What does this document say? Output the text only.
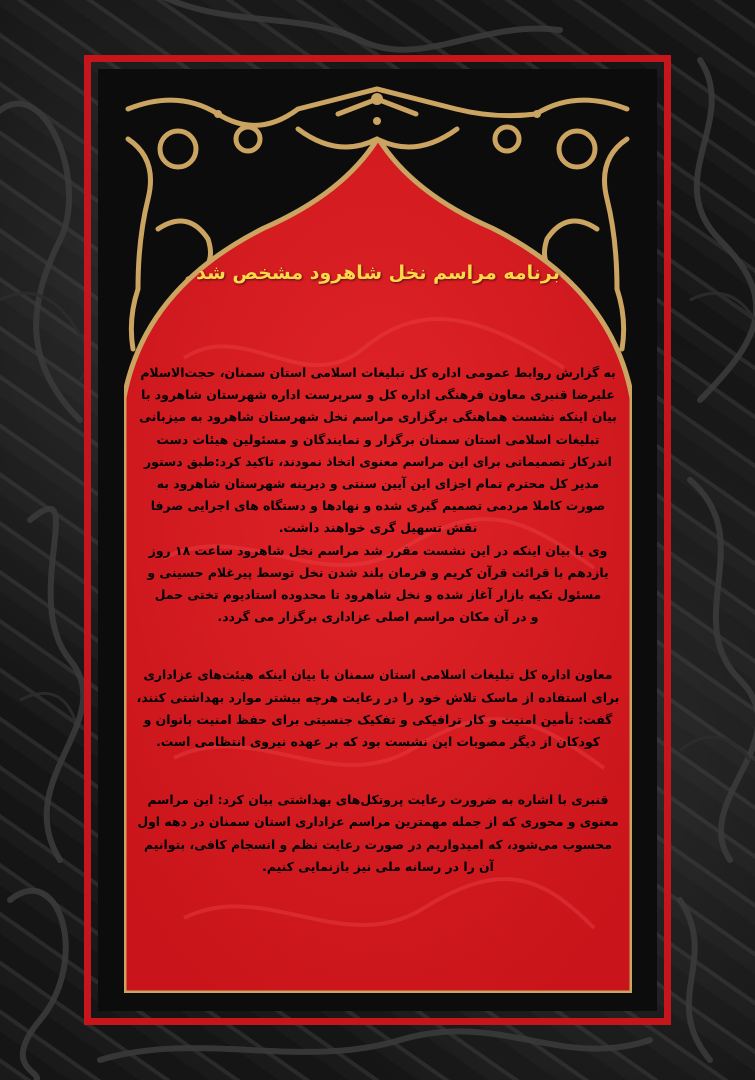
برنامه مراسم نخل شاهرود مشخص شد

به گزارش روابط عمومی اداره کل تبلیغات اسلامی استان سمنان، حجت‌الاسلام
علیرضا قنبری معاون فرهنگی اداره کل و سرپرست اداره شهرستان شاهرود با
بیان اینکه نشست هماهنگی برگزاری مراسم نخل شهرستان شاهرود به میزبانی
تبلیغات اسلامی استان سمنان برگزار و نمایندگان و مسئولین هیئات دست
اندرکار تصمیماتی برای این مراسم معنوی اتخاذ نمودند، تاکید کرد:طبق دستور
مدیر کل محترم تمام اجزای این آیین سنتی و دیرینه شهرستان شاهرود به
صورت کاملا مردمی تصمیم گیری شده و نهادها و دستگاه های اجرایی صرفا
نقش تسهیل گری خواهند داشت.

وی با بیان اینکه در این نشست مقرر شد مراسم نخل شاهرود ساعت ۱۸ روز
یازدهم با قرائت قرآن کریم و فرمان بلند شدن نخل توسط پیرغلام حسینی و
مسئول تکیه بازار آغاز شده و نخل شاهرود تا محدوده استادیوم تختی حمل
و در آن مکان مراسم اصلی عزاداری برگزار می گردد.

معاون اداره کل تبلیغات اسلامی استان سمنان با بیان اینکه هیئت‌های عزاداری
برای استفاده از ماسک تلاش خود را در رعایت هرچه بیشتر موارد بهداشتی کنند،
گفت: تأمین امنیت و کار ترافیکی و تفکیک جنسیتی برای حفظ امنیت بانوان و
کودکان از دیگر مصوبات این نشست بود که بر عهده نیروی انتظامی است.

قنبری با اشاره به ضرورت رعایت پروتکل‌های بهداشتی بیان کرد: این مراسم
معنوی و محوری که از جمله مهمترین مراسم عزاداری استان سمنان در دهه اول
محسوب می‌شود، که امیدواریم در صورت رعایت نظم و انسجام کافی، بتوانیم
آن را در رسانه ملی نیز بازنمایی کنیم.
